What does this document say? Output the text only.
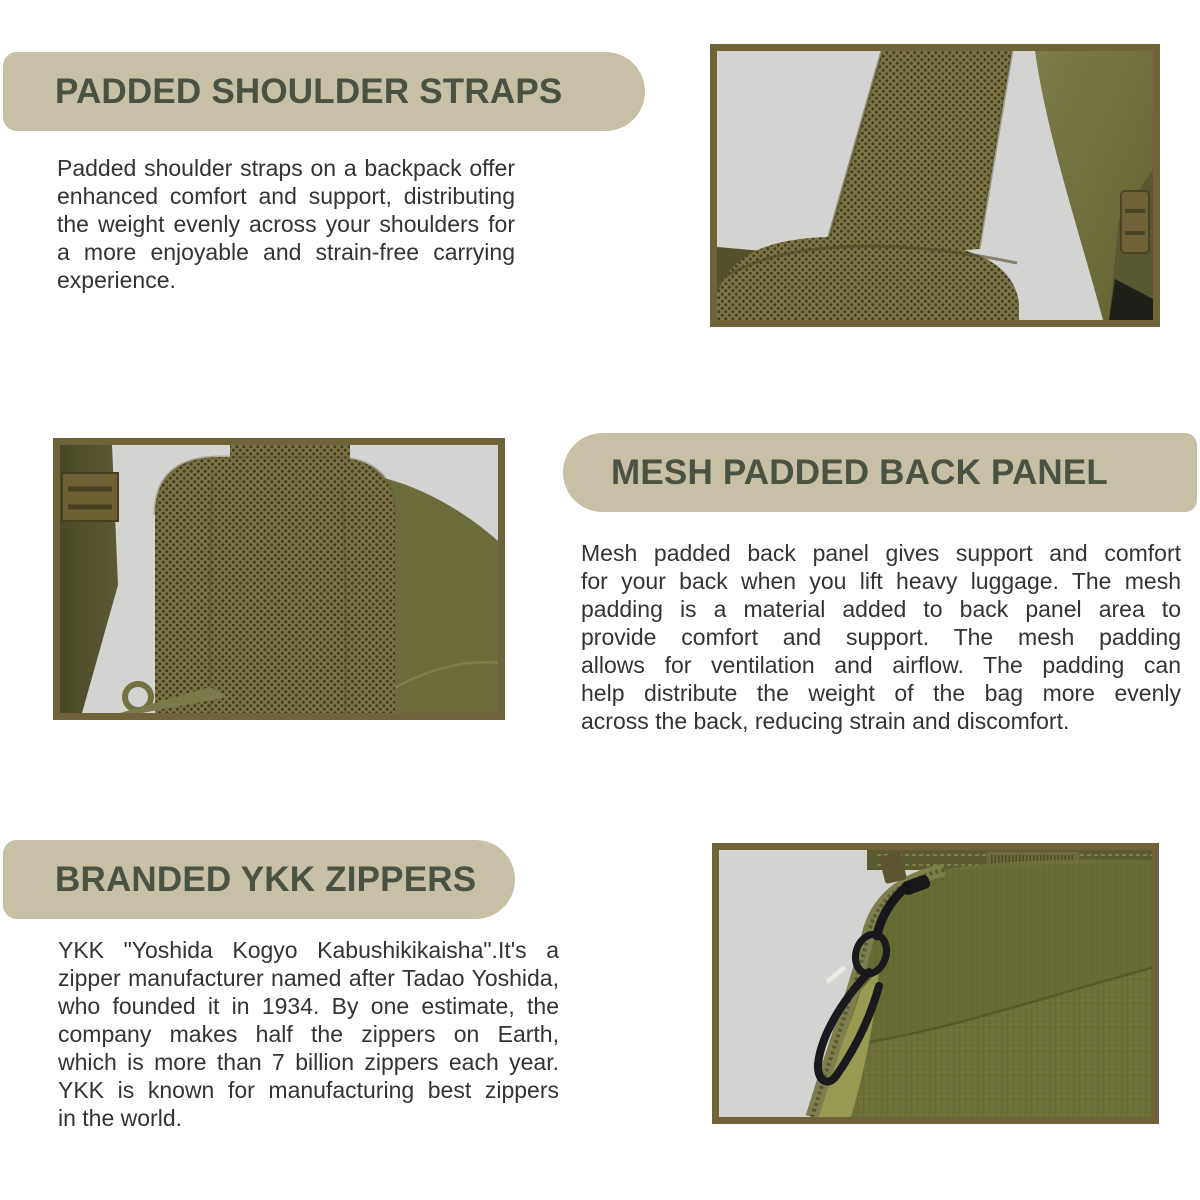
PADDED SHOULDER STRAPS
Padded shoulder straps on a backpack offer
enhanced comfort and support, distributing
the weight evenly across your shoulders for
a more enjoyable and strain-free carrying
experience.
MESH PADDED BACK PANEL
Mesh padded back panel gives support and comfort
for your back when you lift heavy luggage. The mesh
padding is a material added to back panel area to
provide comfort and support. The mesh padding
allows for ventilation and airflow. The padding can
help distribute the weight of the bag more evenly
across the back, reducing strain and discomfort.
BRANDED YKK ZIPPERS
YKK "Yoshida Kogyo Kabushikikaisha".It's a
zipper manufacturer named after Tadao Yoshida,
who founded it in 1934. By one estimate, the
company makes half the zippers on Earth,
which is more than 7 billion zippers each year.
YKK is known for manufacturing best zippers
in the world.
